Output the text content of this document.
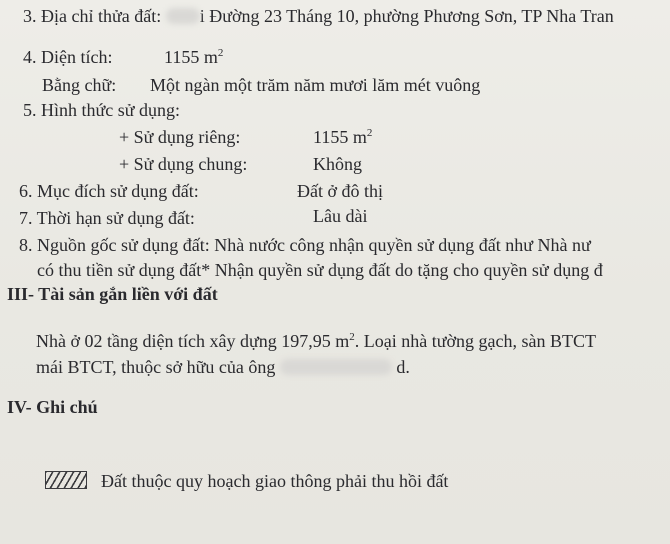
3. Địa chỉ thửa đất: i Đường 23 Tháng 10, phường Phương Sơn, TP Nha Tran
4. Diện tích:	1155 $m^2$
Bằng chữ: Một ngàn một trăm năm mươi lăm mét vuông
5. Hình thức sử dụng:
+ Sử dụng riêng:	1155 $m^2$
+ Sử dụng chung:	Không
6. Mục đích sử dụng đất:	Đất ở đô thị
7. Thời hạn sử dụng đất:	Lâu dài
8. Nguồn gốc sử dụng đất: Nhà nước công nhận quyền sử dụng đất như Nhà nư
có thu tiền sử dụng đất* Nhận quyền sử dụng đất do tặng cho quyền sử dụng đ
III- Tài sản gắn liền với đất
Nhà ở 02 tầng diện tích xây dựng 197,95 $m^2$. Loại nhà tường gạch, sàn BTCT
mái BTCT, thuộc sở hữu của ông	d.
IV- Ghi chú
Đất thuộc quy hoạch giao thông phải thu hồi đất
